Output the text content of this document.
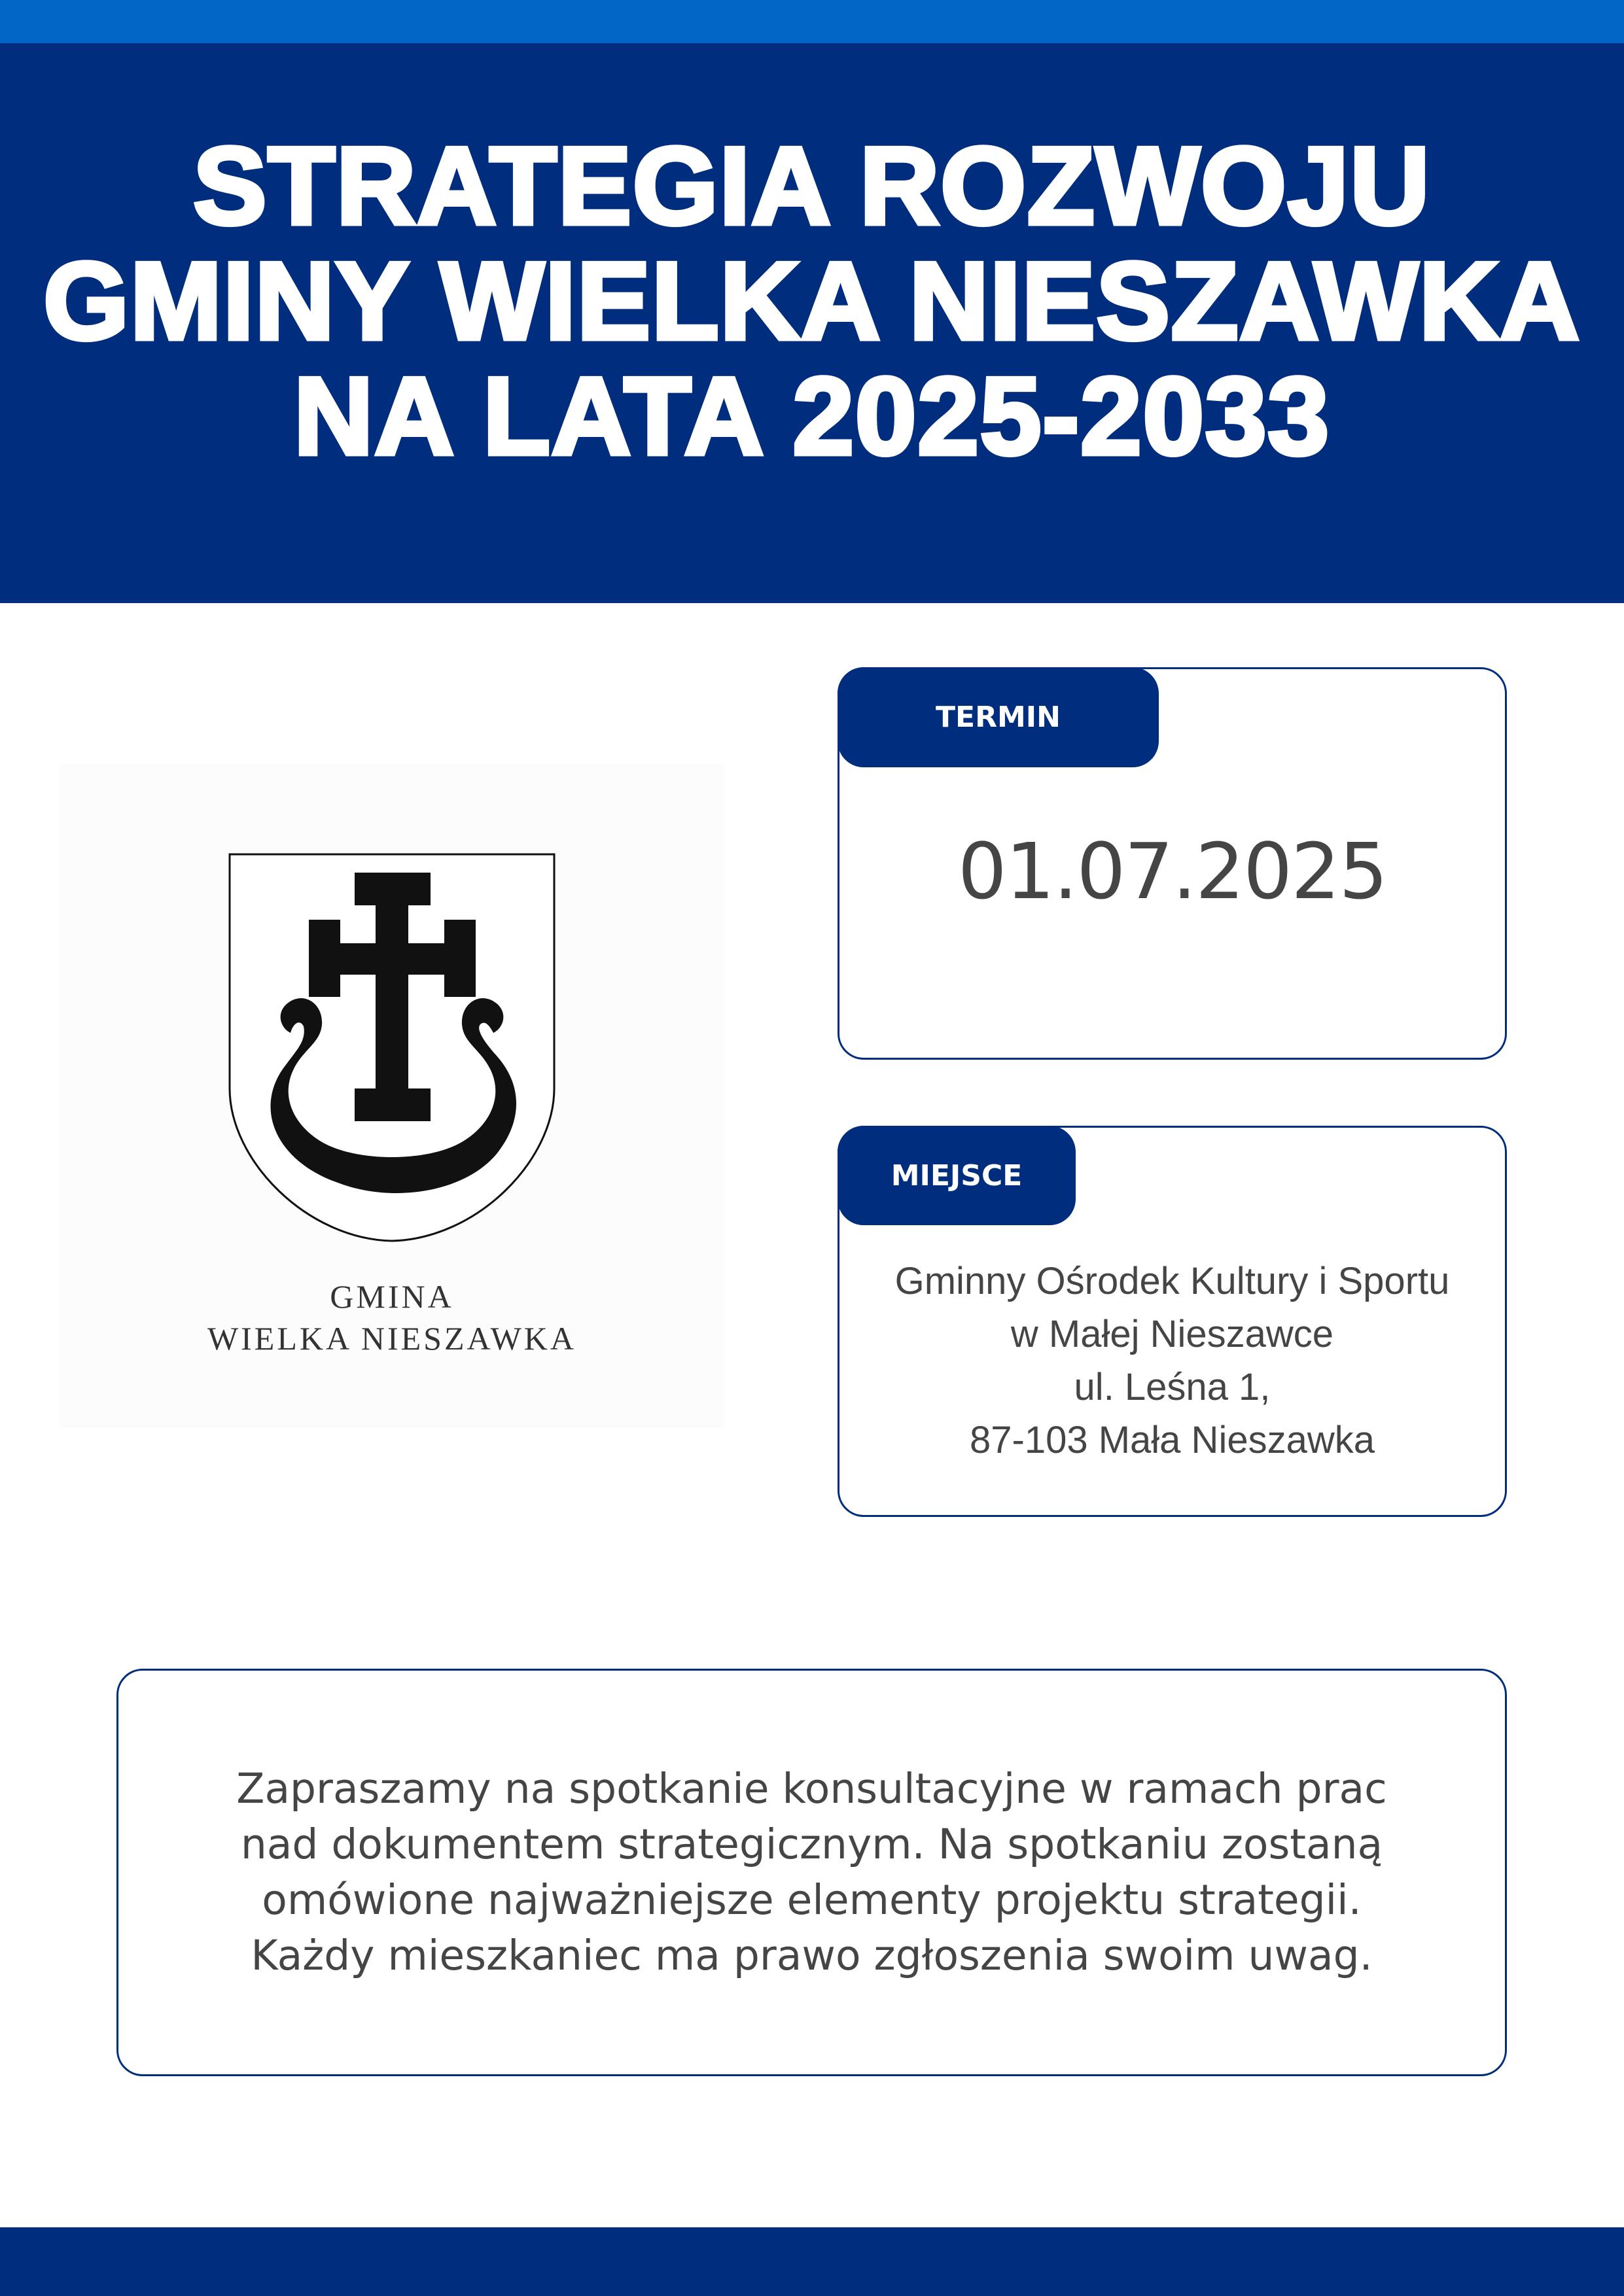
STRATEGIA ROZWOJU
GMINY WIELKA NIESZAWKA
NA LATA 2025-2033
GMINA
WIELKA NIESZAWKA
TERMIN
01.07.2025
MIEJSCE
Gminny Ośrodek Kultury i Sportu
w Małej Nieszawce
ul. Leśna 1,
87-103 Mała Nieszawka
Zapraszamy na spotkanie konsultacyjne w ramach prac
nad dokumentem strategicznym. Na spotkaniu zostaną
omówione najważniejsze elementy projektu strategii.
Każdy mieszkaniec ma prawo zgłoszenia swoim uwag.
